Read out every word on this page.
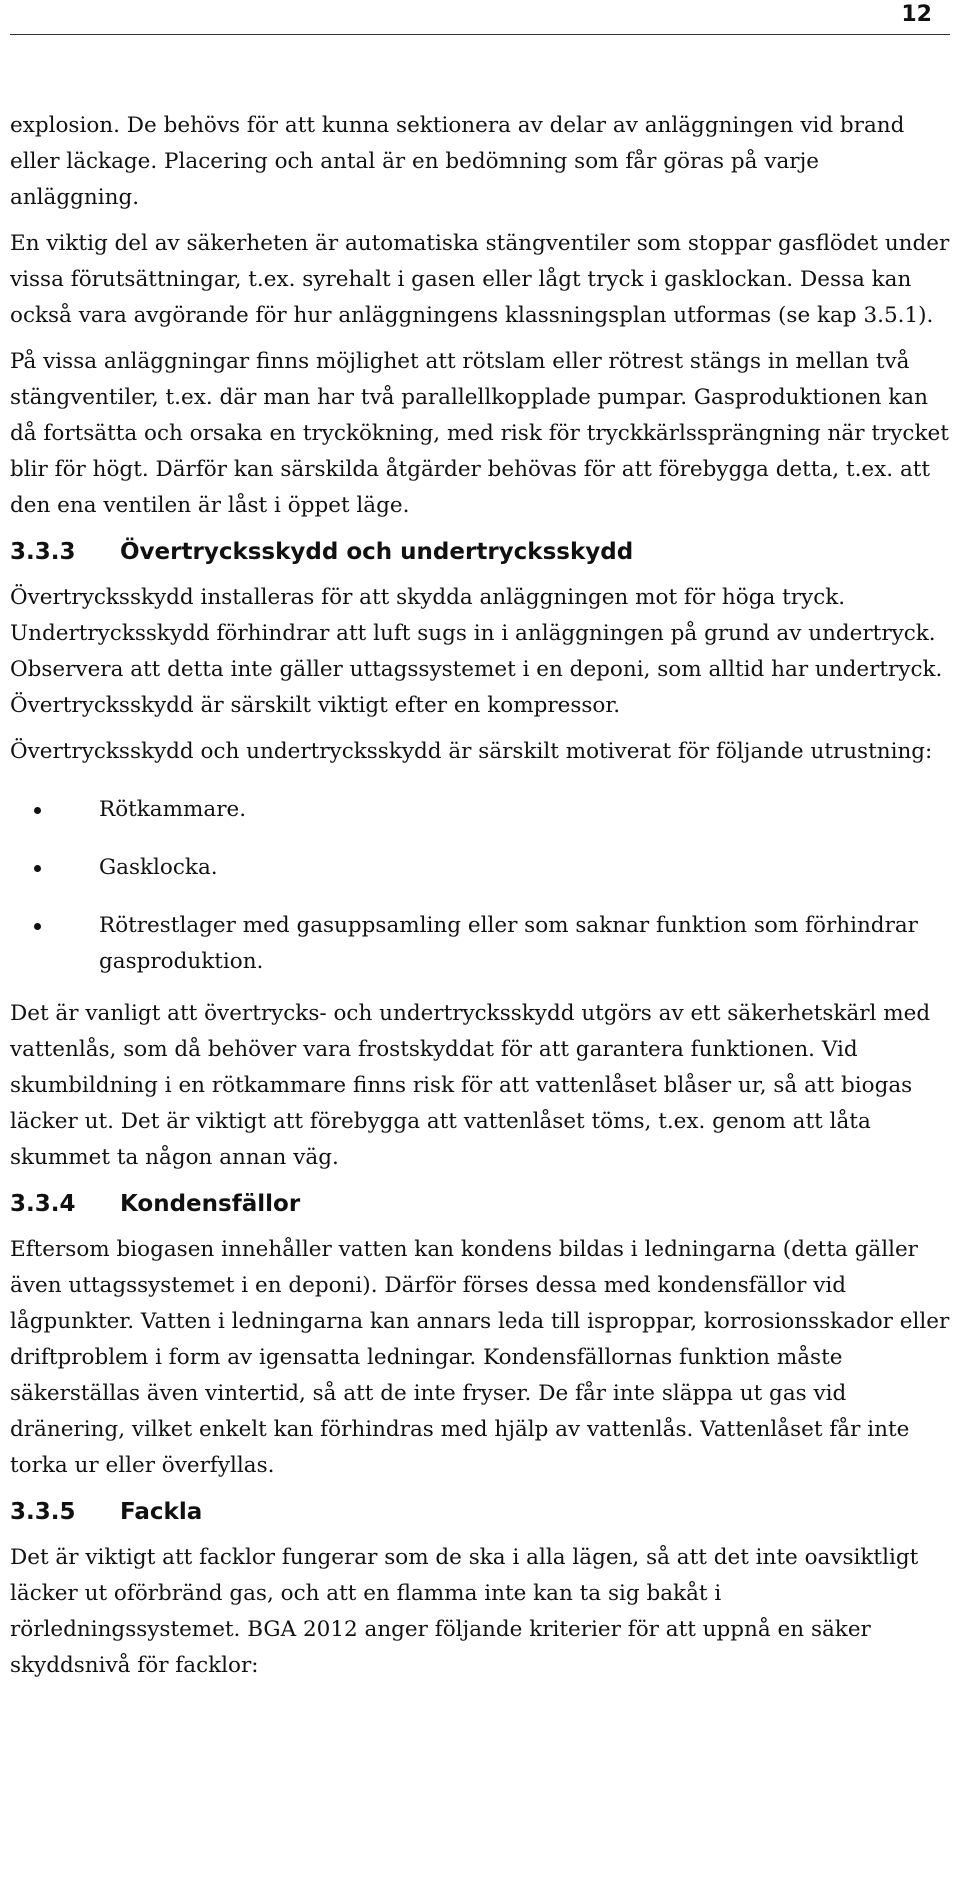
12

explosion. De behövs för att kunna sektionera av delar av anläggningen vid brand eller läckage. Placering och antal är en bedömning som får göras på varje anläggning.

En viktig del av säkerheten är automatiska stängventiler som stoppar gasflödet under vissa förutsättningar, t.ex. syrehalt i gasen eller lågt tryck i gasklockan. Dessa kan också vara avgörande för hur anläggningens klassningsplan utformas (se kap 3.5.1).

På vissa anläggningar finns möjlighet att rötslam eller rötrest stängs in mellan två stängventiler, t.ex. där man har två parallellkopplade pumpar. Gasproduktionen kan då fortsätta och orsaka en tryckökning, med risk för tryckkärlssprängning när trycket blir för högt. Därför kan särskilda åtgärder behövas för att förebygga detta, t.ex. att den ena ventilen är låst i öppet läge.

3.3.3	Övertrycksskydd och undertrycksskydd

Övertrycksskydd installeras för att skydda anläggningen mot för höga tryck. Undertrycksskydd förhindrar att luft sugs in i anläggningen på grund av undertryck. Observera att detta inte gäller uttagssystemet i en deponi, som alltid har undertryck. Övertrycksskydd är särskilt viktigt efter en kompressor.

Övertrycksskydd och undertrycksskydd är särskilt motiverat för följande utrustning:

Rötkammare.
Gasklocka.
Rötrestlager med gasuppsamling eller som saknar funktion som förhindrar gasproduktion.

Det är vanligt att övertrycks- och undertrycksskydd utgörs av ett säkerhetskärl med vattenlås, som då behöver vara frostskyddat för att garantera funktionen. Vid skumbildning i en rötkammare finns risk för att vattenlåset blåser ur, så att biogas läcker ut. Det är viktigt att förebygga att vattenlåset töms, t.ex. genom att låta skummet ta någon annan väg.

3.3.4	Kondensfällor

Eftersom biogasen innehåller vatten kan kondens bildas i ledningarna (detta gäller även uttagssystemet i en deponi). Därför förses dessa med kondensfällor vid lågpunkter. Vatten i ledningarna kan annars leda till isproppar, korrosionsskador eller driftproblem i form av igensatta ledningar. Kondensfällornas funktion måste säkerställas även vintertid, så att de inte fryser. De får inte släppa ut gas vid dränering, vilket enkelt kan förhindras med hjälp av vattenlås. Vattenlåset får inte torka ur eller överfyllas.

3.3.5	Fackla

Det är viktigt att facklor fungerar som de ska i alla lägen, så att det inte oavsiktligt läcker ut oförbränd gas, och att en flamma inte kan ta sig bakåt i rörledningssystemet. BGA 2012 anger följande kriterier för att uppnå en säker skyddsnivå för facklor:
